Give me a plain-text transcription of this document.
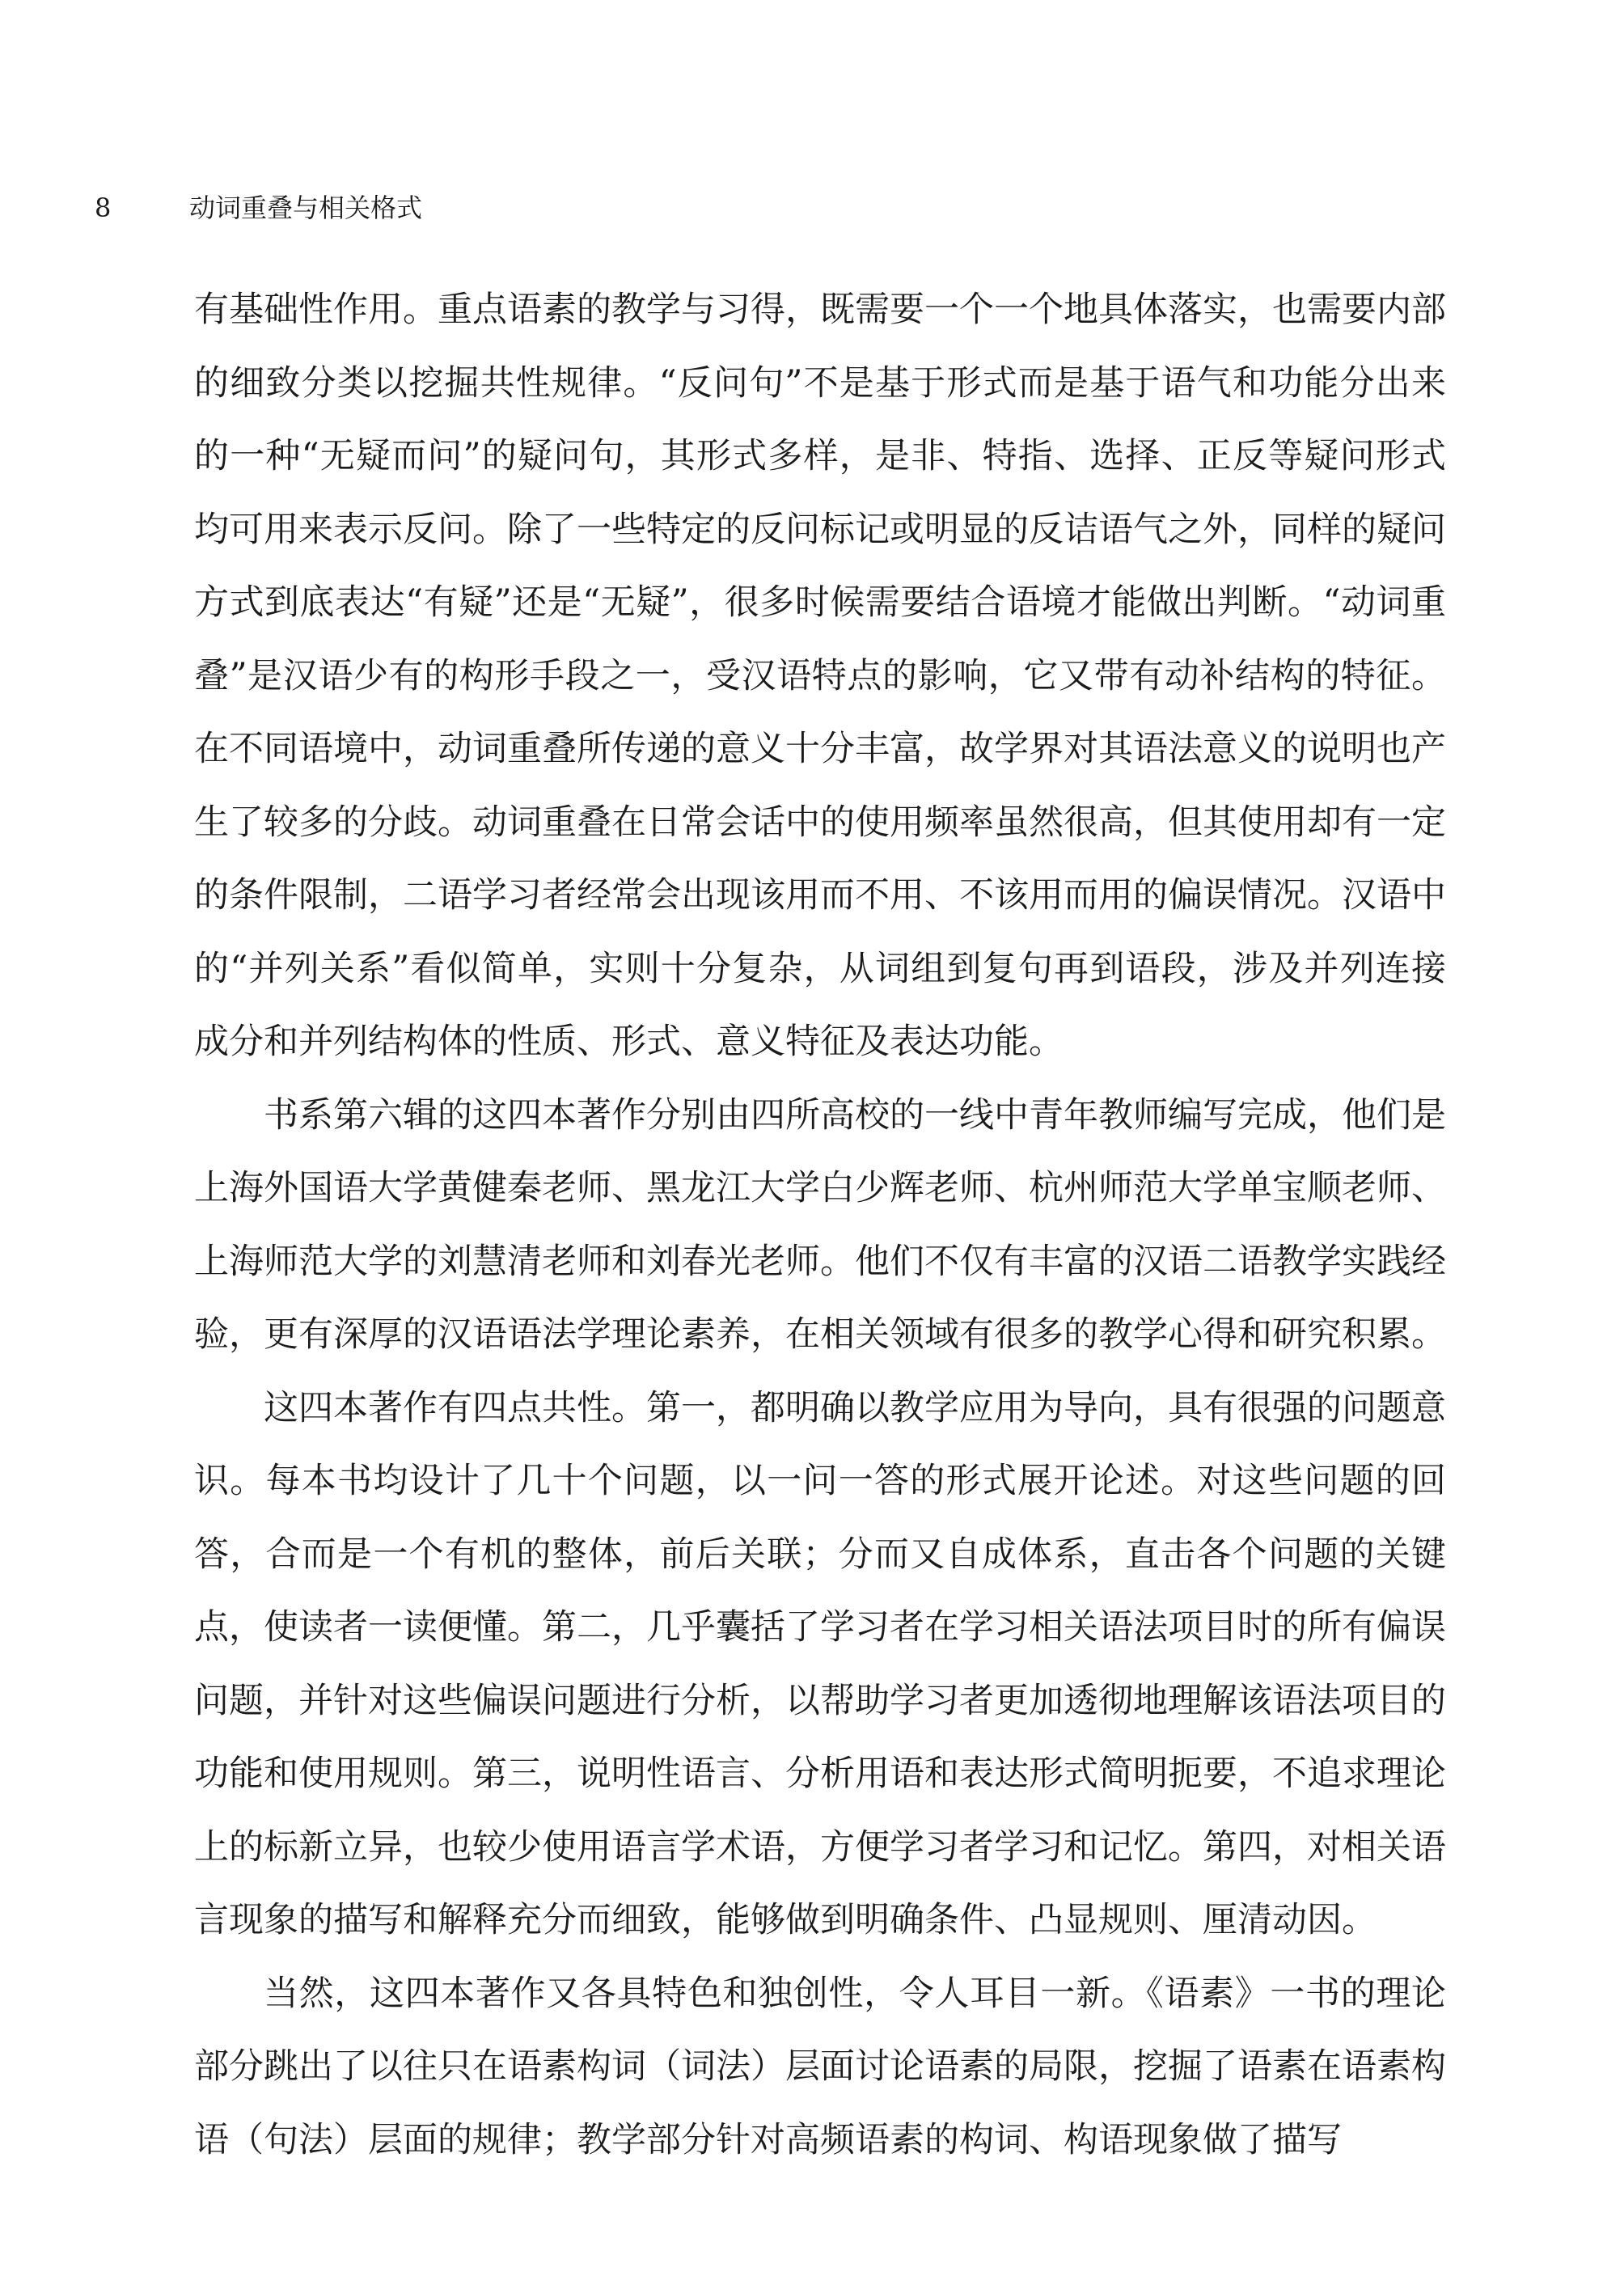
8	动词重叠与相关格式

有基础性作用。重点语素的教学与习得，既需要一个一个地具体落实，也需要内部的细致分类以挖掘共性规律。“反问句”不是基于形式而是基于语气和功能分出来的一种“无疑而问”的疑问句，其形式多样，是非、特指、选择、正反等疑问形式均可用来表示反问。除了一些特定的反问标记或明显的反诘语气之外，同样的疑问方式到底表达“有疑”还是“无疑”，很多时候需要结合语境才能做出判断。“动词重叠”是汉语少有的构形手段之一，受汉语特点的影响，它又带有动补结构的特征。在不同语境中，动词重叠所传递的意义十分丰富，故学界对其语法意义的说明也产生了较多的分歧。动词重叠在日常会话中的使用频率虽然很高，但其使用却有一定的条件限制，二语学习者经常会出现该用而不用、不该用而用的偏误情况。汉语中的“并列关系”看似简单，实则十分复杂，从词组到复句再到语段，涉及并列连接成分和并列结构体的性质、形式、意义特征及表达功能。

书系第六辑的这四本著作分别由四所高校的一线中青年教师编写完成，他们是上海外国语大学黄健秦老师、黑龙江大学白少辉老师、杭州师范大学单宝顺老师、上海师范大学的刘慧清老师和刘春光老师。他们不仅有丰富的汉语二语教学实践经验，更有深厚的汉语语法学理论素养，在相关领域有很多的教学心得和研究积累。

这四本著作有四点共性。第一，都明确以教学应用为导向，具有很强的问题意识。每本书均设计了几十个问题，以一问一答的形式展开论述。对这些问题的回答，合而是一个有机的整体，前后关联；分而又自成体系，直击各个问题的关键点，使读者一读便懂。第二，几乎囊括了学习者在学习相关语法项目时的所有偏误问题，并针对这些偏误问题进行分析，以帮助学习者更加透彻地理解该语法项目的功能和使用规则。第三，说明性语言、分析用语和表达形式简明扼要，不追求理论上的标新立异，也较少使用语言学术语，方便学习者学习和记忆。第四，对相关语言现象的描写和解释充分而细致，能够做到明确条件、凸显规则、厘清动因。

当然，这四本著作又各具特色和独创性，令人耳目一新。《语素》一书的理论部分跳出了以往只在语素构词（词法）层面讨论语素的局限，挖掘了语素在语素构语（句法）层面的规律；教学部分针对高频语素的构词、构语现象做了描写
